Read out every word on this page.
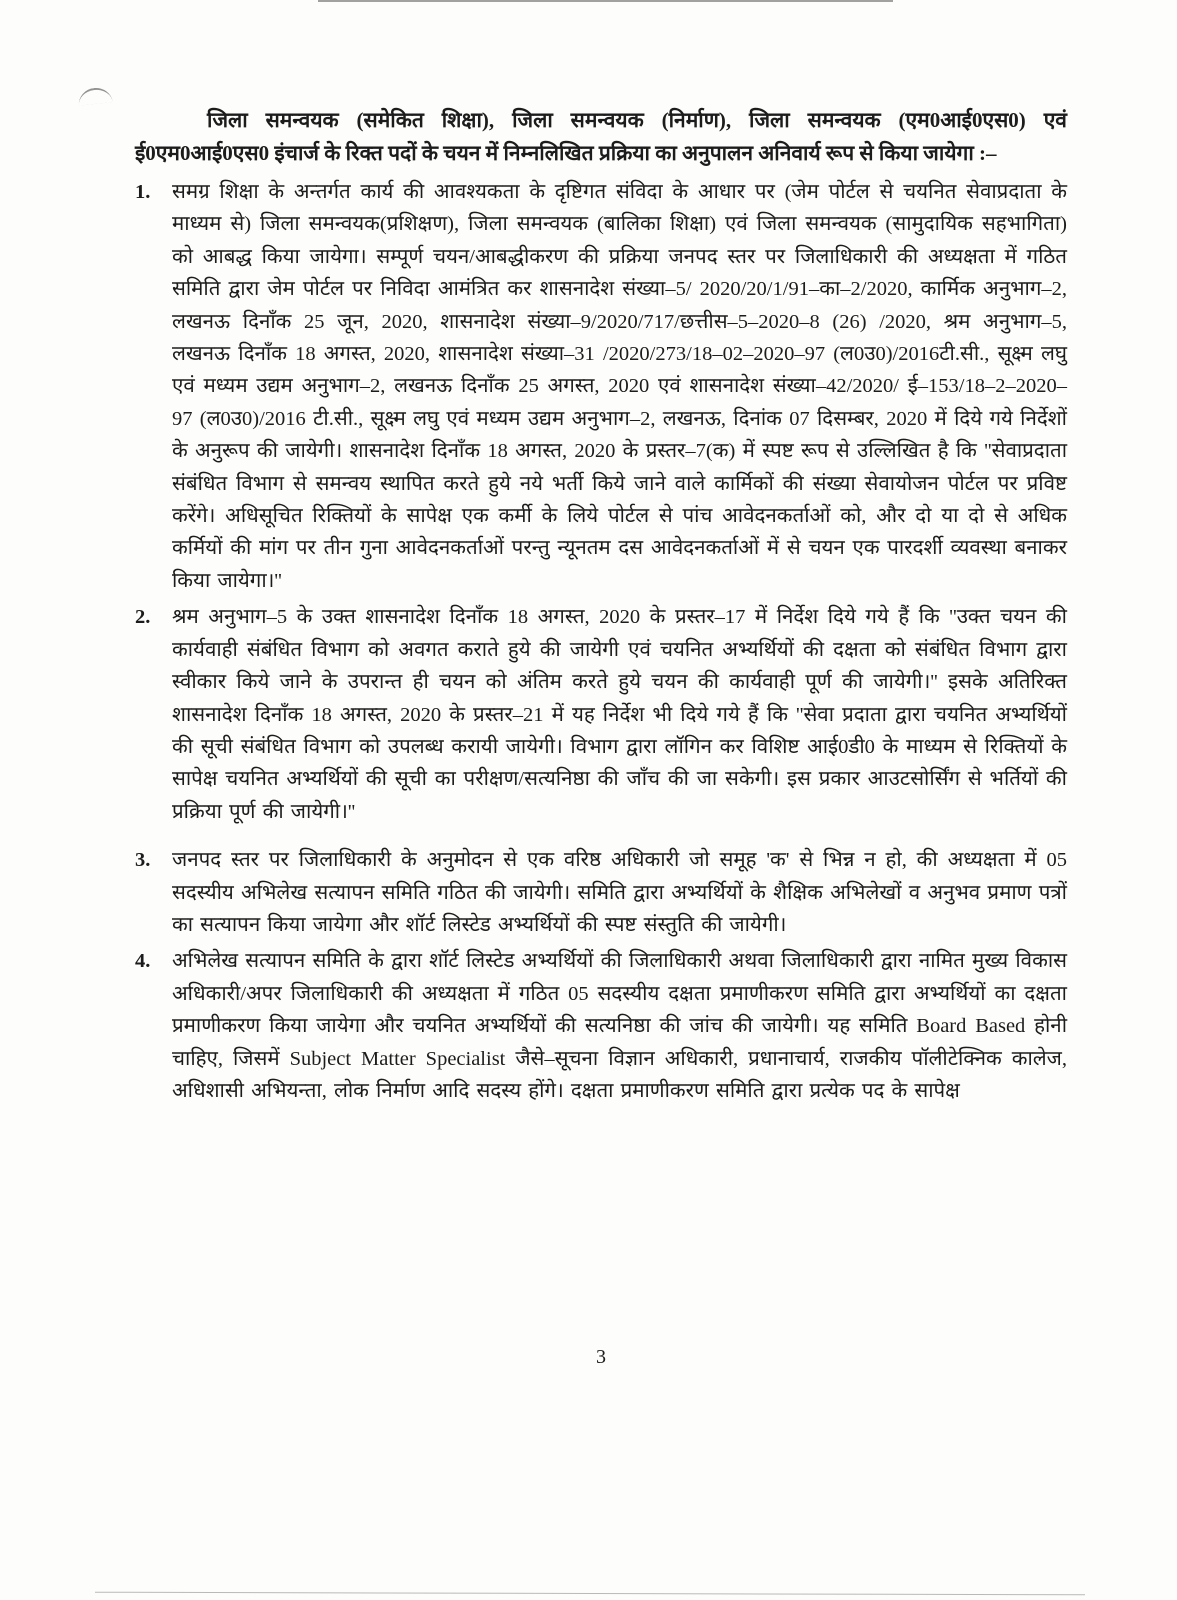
जिला समन्वयक (समेकित शिक्षा), जिला समन्वयक (निर्माण), जिला समन्वयक (एम0आई0एस0) एवं ई0एम0आई0एस0 इंचार्ज के रिक्त पदों के चयन में निम्नलिखित प्रक्रिया का अनुपालन अनिवार्य रूप से किया जायेगा :–

1. समग्र शिक्षा के अन्तर्गत कार्य की आवश्यकता के दृष्टिगत संविदा के आधार पर (जेम पोर्टल से चयनित सेवाप्रदाता के माध्यम से) जिला समन्वयक(प्रशिक्षण), जिला समन्वयक (बालिका शिक्षा) एवं जिला समन्वयक (सामुदायिक सहभागिता) को आबद्ध किया जायेगा। सम्पूर्ण चयन/आबद्धीकरण की प्रक्रिया जनपद स्तर पर जिलाधिकारी की अध्यक्षता में गठित समिति द्वारा जेम पोर्टल पर निविदा आमंत्रित कर शासनादेश संख्या–5/ 2020/20/1/91–का–2/2020, कार्मिक अनुभाग–2, लखनऊ दिनाँक 25 जून, 2020, शासनादेश संख्या–9/2020/717/छत्तीस–5–2020–8 (26) /2020, श्रम अनुभाग–5, लखनऊ दिनाँक 18 अगस्त, 2020, शासनादेश संख्या–31 /2020/273/18–02–2020–97 (ल0उ0)/2016टी.सी., सूक्ष्म लघु एवं मध्यम उद्यम अनुभाग–2, लखनऊ दिनाँक 25 अगस्त, 2020 एवं शासनादेश संख्या–42/2020/ ई–153/18–2–2020–97 (ल0उ0)/2016 टी.सी., सूक्ष्म लघु एवं मध्यम उद्यम अनुभाग–2, लखनऊ, दिनांक 07 दिसम्बर, 2020 में दिये गये निर्देशों के अनुरूप की जायेगी। शासनादेश दिनाँक 18 अगस्त, 2020 के प्रस्तर–7(क) में स्पष्ट रूप से उल्लिखित है कि ''सेवाप्रदाता संबंधित विभाग से समन्वय स्थापित करते हुये नये भर्ती किये जाने वाले कार्मिकों की संख्या सेवायोजन पोर्टल पर प्रविष्ट करेंगे। अधिसूचित रिक्तियों के सापेक्ष एक कर्मी के लिये पोर्टल से पांच आवेदनकर्ताओं को, और दो या दो से अधिक कर्मियों की मांग पर तीन गुना आवेदनकर्ताओं परन्तु न्यूनतम दस आवेदनकर्ताओं में से चयन एक पारदर्शी व्यवस्था बनाकर किया जायेगा।''
2. श्रम अनुभाग–5 के उक्त शासनादेश दिनाँक 18 अगस्त, 2020 के प्रस्तर–17 में निर्देश दिये गये हैं कि ''उक्त चयन की कार्यवाही संबंधित विभाग को अवगत कराते हुये की जायेगी एवं चयनित अभ्यर्थियों की दक्षता को संबंधित विभाग द्वारा स्वीकार किये जाने के उपरान्त ही चयन को अंतिम करते हुये चयन की कार्यवाही पूर्ण की जायेगी।'' इसके अतिरिक्त शासनादेश दिनाँक 18 अगस्त, 2020 के प्रस्तर–21 में यह निर्देश भी दिये गये हैं कि ''सेवा प्रदाता द्वारा चयनित अभ्यर्थियों की सूची संबंधित विभाग को उपलब्ध करायी जायेगी। विभाग द्वारा लॉगिन कर विशिष्ट आई0डी0 के माध्यम से रिक्तियों के सापेक्ष चयनित अभ्यर्थियों की सूची का परीक्षण/सत्यनिष्ठा की जाँच की जा सकेगी। इस प्रकार आउटसोर्सिंग से भर्तियों की प्रक्रिया पूर्ण की जायेगी।''
3. जनपद स्तर पर जिलाधिकारी के अनुमोदन से एक वरिष्ठ अधिकारी जो समूह 'क' से भिन्न न हो, की अध्यक्षता में 05 सदस्यीय अभिलेख सत्यापन समिति गठित की जायेगी। समिति द्वारा अभ्यर्थियों के शैक्षिक अभिलेखों व अनुभव प्रमाण पत्रों का सत्यापन किया जायेगा और शॉर्ट लिस्टेड अभ्यर्थियों की स्पष्ट संस्तुति की जायेगी।
4. अभिलेख सत्यापन समिति के द्वारा शॉर्ट लिस्टेड अभ्यर्थियों की जिलाधिकारी अथवा जिलाधिकारी द्वारा नामित मुख्य विकास अधिकारी/अपर जिलाधिकारी की अध्यक्षता में गठित 05 सदस्यीय दक्षता प्रमाणीकरण समिति द्वारा अभ्यर्थियों का दक्षता प्रमाणीकरण किया जायेगा और चयनित अभ्यर्थियों की सत्यनिष्ठा की जांच की जायेगी। यह समिति Board Based होनी चाहिए, जिसमें Subject Matter Specialist जैसे–सूचना विज्ञान अधिकारी, प्रधानाचार्य, राजकीय पॉलीटेक्निक कालेज, अधिशासी अभियन्ता, लोक निर्माण आदि सदस्य होंगे। दक्षता प्रमाणीकरण समिति द्वारा प्रत्येक पद के सापेक्ष
3
